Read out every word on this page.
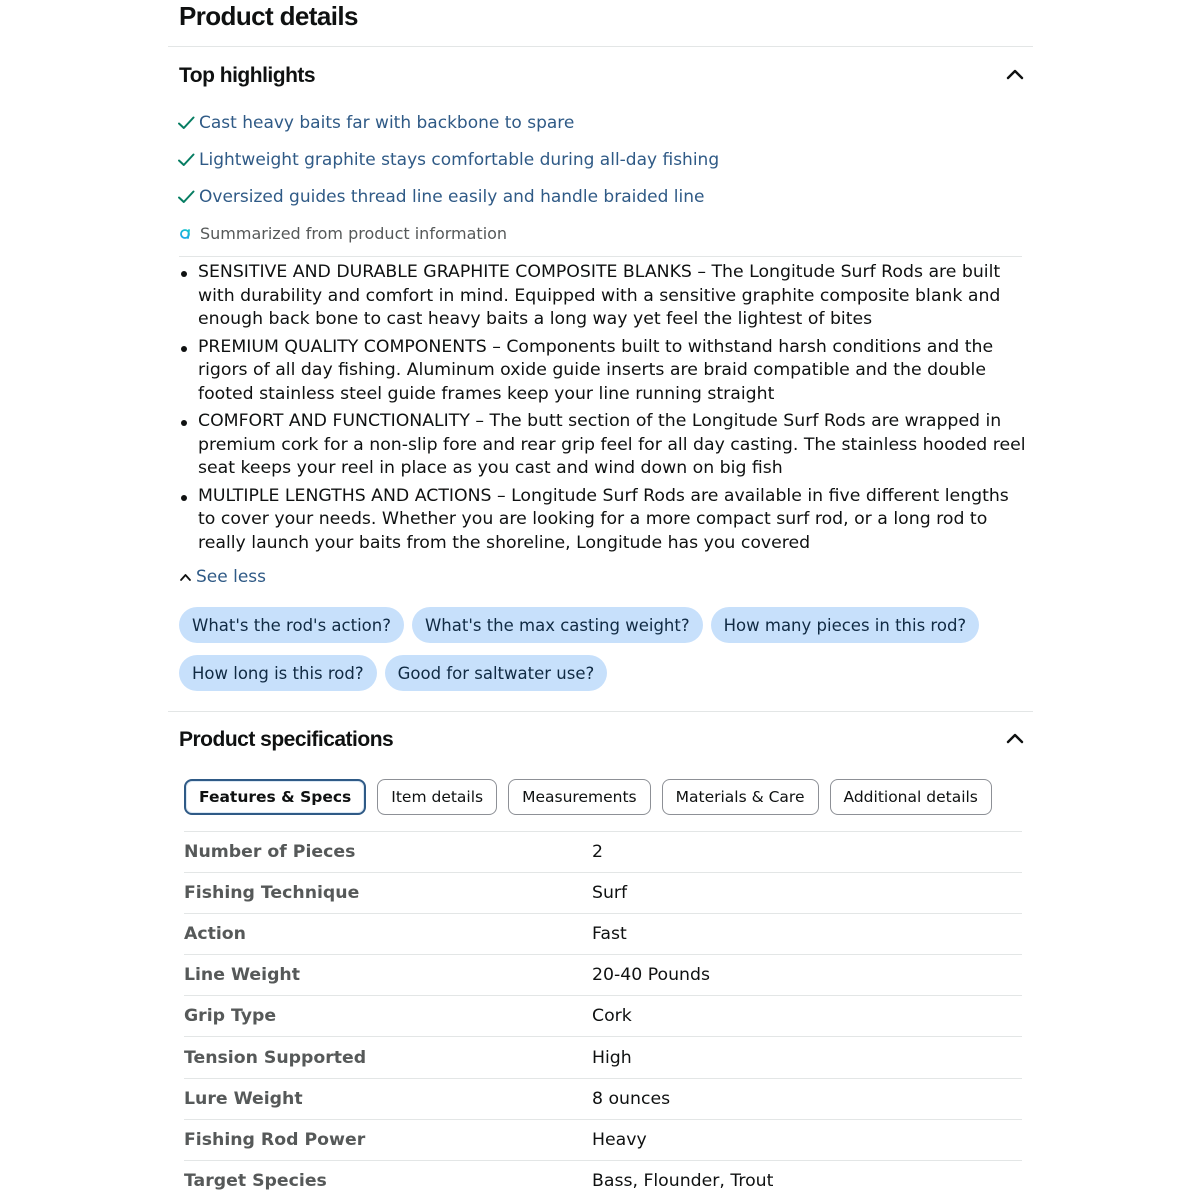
Product details
Top highlights
Cast heavy baits far with backbone to spare
Lightweight graphite stays comfortable during all-day fishing
Oversized guides thread line easily and handle braided line
Summarized from product information
SENSITIVE AND DURABLE GRAPHITE COMPOSITE BLANKS – The Longitude Surf Rods are built with durability and comfort in mind. Equipped with a sensitive graphite composite blank and enough back bone to cast heavy baits a long way yet feel the lightest of bites
PREMIUM QUALITY COMPONENTS – Components built to withstand harsh conditions and the rigors of all day fishing. Aluminum oxide guide inserts are braid compatible and the double footed stainless steel guide frames keep your line running straight
COMFORT AND FUNCTIONALITY – The butt section of the Longitude Surf Rods are wrapped in premium cork for a non-slip fore and rear grip feel for all day casting. The stainless hooded reel seat keeps your reel in place as you cast and wind down on big fish
MULTIPLE LENGTHS AND ACTIONS – Longitude Surf Rods are available in five different lengths to cover your needs. Whether you are looking for a more compact surf rod, or a long rod to really launch your baits from the shoreline, Longitude has you covered
See less
What's the rod's action?	What's the max casting weight?	How many pieces in this rod?
How long is this rod?	Good for saltwater use?
Product specifications
Features & Specs	Item details	Measurements	Materials & Care	Additional details
Number of Pieces	2
Fishing Technique	Surf
Action	Fast
Line Weight	20-40 Pounds
Grip Type	Cork
Tension Supported	High
Lure Weight	8 ounces
Fishing Rod Power	Heavy
Target Species	Bass, Flounder, Trout
